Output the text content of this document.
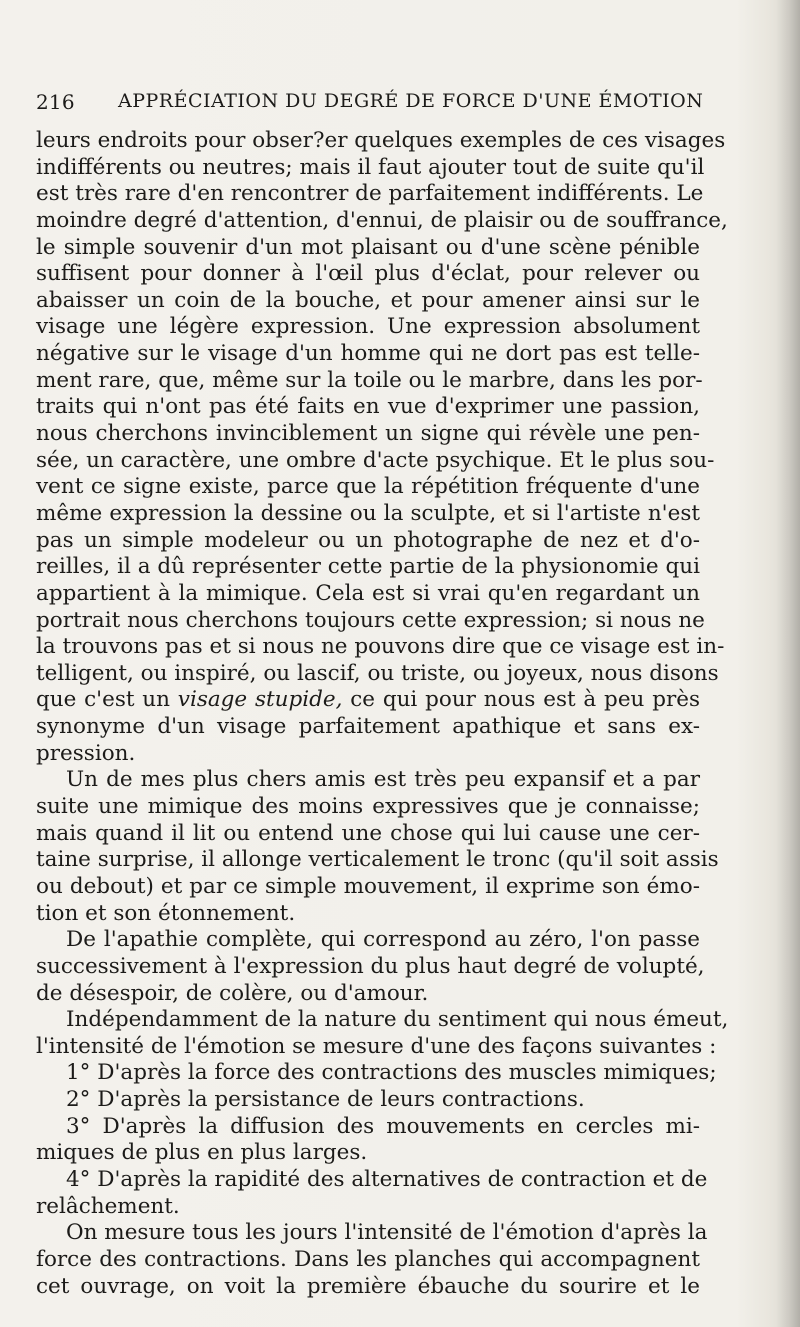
216 APPRÉCIATION DU DEGRÉ DE FORCE D'UNE ÉMOTION
leurs endroits pour obser?er quelques exemples de ces visages
indifférents ou neutres; mais il faut ajouter tout de suite qu'il
est très rare d'en rencontrer de parfaitement indifférents. Le
moindre degré d'attention, d'ennui, de plaisir ou de souffrance,
le simple souvenir d'un mot plaisant ou d'une scène pénible
suffisent pour donner à l'œil plus d'éclat, pour relever ou
abaisser un coin de la bouche, et pour amener ainsi sur le
visage une légère expression. Une expression absolument
négative sur le visage d'un homme qui ne dort pas est telle-
ment rare, que, même sur la toile ou le marbre, dans les por-
traits qui n'ont pas été faits en vue d'exprimer une passion,
nous cherchons invinciblement un signe qui révèle une pen-
sée, un caractère, une ombre d'acte psychique. Et le plus sou-
vent ce signe existe, parce que la répétition fréquente d'une
même expression la dessine ou la sculpte, et si l'artiste n'est
pas un simple modeleur ou un photographe de nez et d'o-
reilles, il a dû représenter cette partie de la physionomie qui
appartient à la mimique. Cela est si vrai qu'en regardant un
portrait nous cherchons toujours cette expression; si nous ne
la trouvons pas et si nous ne pouvons dire que ce visage est in-
telligent, ou inspiré, ou lascif, ou triste, ou joyeux, nous disons
que c'est un visage stupide, ce qui pour nous est à peu près
synonyme d'un visage parfaitement apathique et sans ex-
pression.
Un de mes plus chers amis est très peu expansif et a par
suite une mimique des moins expressives que je connaisse;
mais quand il lit ou entend une chose qui lui cause une cer-
taine surprise, il allonge verticalement le tronc (qu'il soit assis
ou debout) et par ce simple mouvement, il exprime son émo-
tion et son étonnement.
De l'apathie complète, qui correspond au zéro, l'on passe
successivement à l'expression du plus haut degré de volupté,
de désespoir, de colère, ou d'amour.
Indépendamment de la nature du sentiment qui nous émeut,
l'intensité de l'émotion se mesure d'une des façons suivantes :
1° D'après la force des contractions des muscles mimiques;
2° D'après la persistance de leurs contractions.
3° D'après la diffusion des mouvements en cercles mi-
miques de plus en plus larges.
4° D'après la rapidité des alternatives de contraction et de
relâchement.
On mesure tous les jours l'intensité de l'émotion d'après la
force des contractions. Dans les planches qui accompagnent
cet ouvrage, on voit la première ébauche du sourire et le
